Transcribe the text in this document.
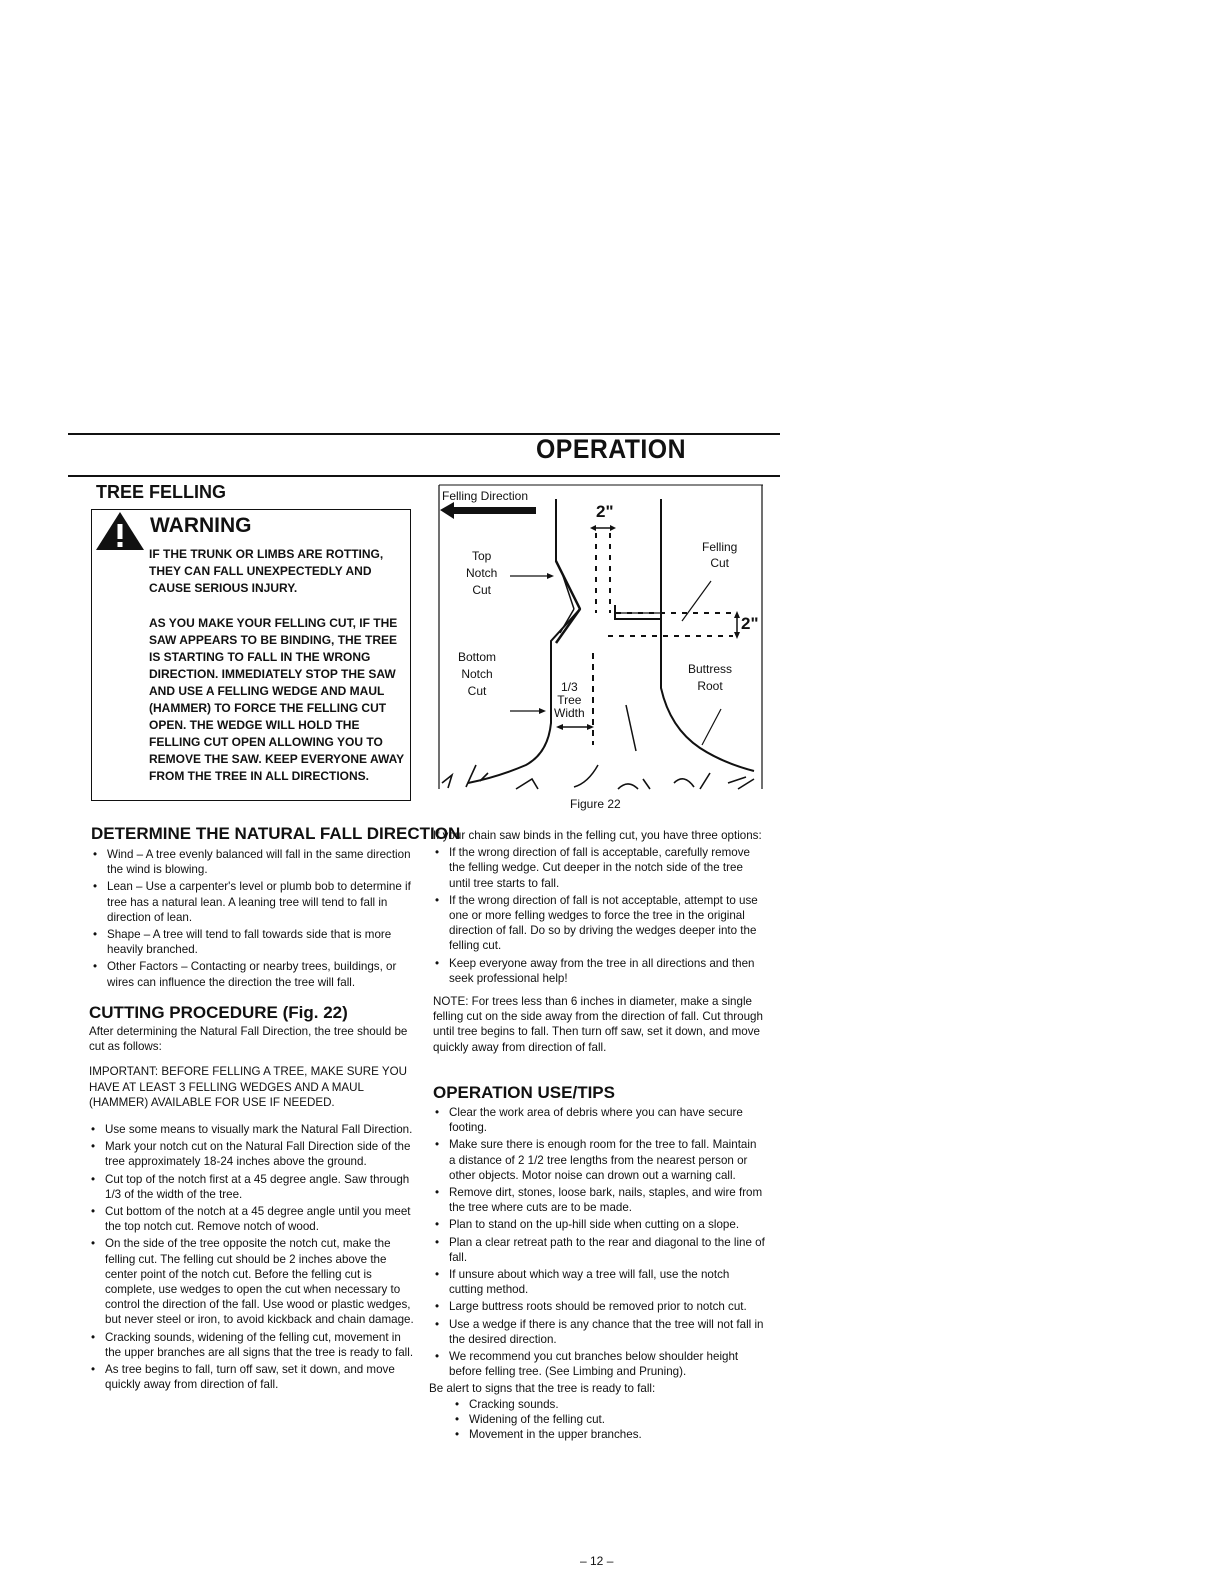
OPERATION
TREE FELLING
WARNING

IF THE TRUNK OR LIMBS ARE ROTTING, THEY CAN FALL UNEXPECTEDLY AND CAUSE SERIOUS INJURY.

AS YOU MAKE YOUR FELLING CUT, IF THE SAW APPEARS TO BE BINDING, THE TREE IS STARTING TO FALL IN THE WRONG DIRECTION. IMMEDIATELY STOP THE SAW AND USE A FELLING WEDGE AND MAUL (HAMMER) TO FORCE THE FELLING CUT OPEN. THE WEDGE WILL HOLD THE FELLING CUT OPEN ALLOWING YOU TO REMOVE THE SAW. KEEP EVERYONE AWAY FROM THE TREE IN ALL DIRECTIONS.

Felling Direction
2"
Top
Notch
Cut
Felling
Cut
2"
Bottom
Notch
Cut	1/3
Tree
Width
Buttress
Root
Figure 22
DETERMINE THE NATURAL FALL DIRECTION
• Wind – A tree evenly balanced will fall in the same direction the wind is blowing.
• Lean – Use a carpenter's level or plumb bob to determine if tree has a natural lean. A leaning tree will tend to fall in direction of lean.
• Shape – A tree will tend to fall towards side that is more heavily branched.
• Other Factors – Contacting or nearby trees, buildings, or wires can influence the direction the tree will fall.
CUTTING PROCEDURE (Fig. 22)

After determining the Natural Fall Direction, the tree should be cut as follows:

IMPORTANT: BEFORE FELLING A TREE, MAKE SURE YOU HAVE AT LEAST 3 FELLING WEDGES AND A MAUL (HAMMER) AVAILABLE FOR USE IF NEEDED.

• Use some means to visually mark the Natural Fall Direction.
• Mark your notch cut on the Natural Fall Direction side of the tree approximately 18-24 inches above the ground.
• Cut top of the notch first at a 45 degree angle. Saw through 1/3 of the width of the tree.
• Cut bottom of the notch at a 45 degree angle until you meet the top notch cut. Remove notch of wood.
• On the side of the tree opposite the notch cut, make the felling cut. The felling cut should be 2 inches above the center point of the notch cut. Before the felling cut is complete, use wedges to open the cut when necessary to control the direction of the fall. Use wood or plastic wedges, but never steel or iron, to avoid kickback and chain damage.
• Cracking sounds, widening of the felling cut, movement in the upper branches are all signs that the tree is ready to fall.
• As tree begins to fall, turn off saw, set it down, and move quickly away from direction of fall.

If your chain saw binds in the felling cut, you have three options:

• If the wrong direction of fall is acceptable, carefully remove the felling wedge. Cut deeper in the notch side of the tree until tree starts to fall.
• If the wrong direction of fall is not acceptable, attempt to use one or more felling wedges to force the tree in the original direction of fall. Do so by driving the wedges deeper into the felling cut.
• Keep everyone away from the tree in all directions and then seek professional help!

NOTE: For trees less than 6 inches in diameter, make a single felling cut on the side away from the direction of fall. Cut through until tree begins to fall. Then turn off saw, set it down, and move quickly away from direction of fall.

OPERATION USE/TIPS
• Clear the work area of debris where you can have secure footing.
• Make sure there is enough room for the tree to fall. Maintain a distance of 2 1/2 tree lengths from the nearest person or other objects. Motor noise can drown out a warning call.
• Remove dirt, stones, loose bark, nails, staples, and wire from the tree where cuts are to be made.
• Plan to stand on the up-hill side when cutting on a slope.
• Plan a clear retreat path to the rear and diagonal to the line of fall.
• If unsure about which way a tree will fall, use the notch cutting method.
• Large buttress roots should be removed prior to notch cut.
• Use a wedge if there is any chance that the tree will not fall in the desired direction.
• We recommend you cut branches below shoulder height before felling tree. (See Limbing and Pruning).

Be alert to signs that the tree is ready to fall:

• Cracking sounds.
• Widening of the felling cut.
• Movement in the upper branches.
– 12 –
